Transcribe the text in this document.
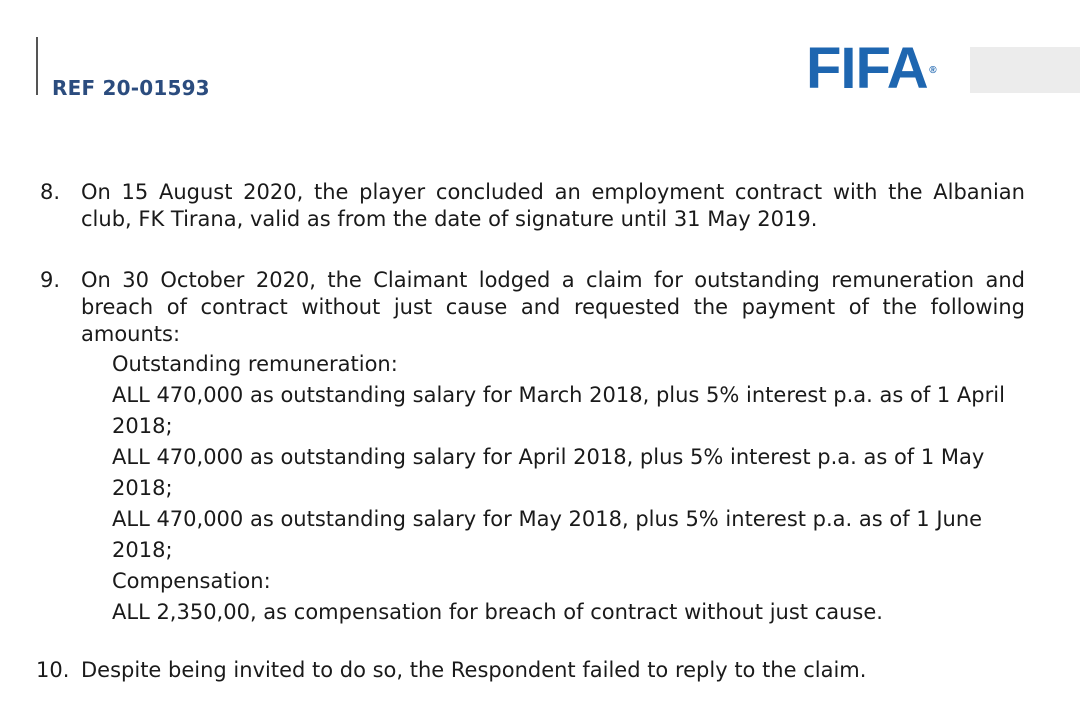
REF 20-01593	FIFA ®
8. On 15 August 2020, the player concluded an employment contract with the Albanian club, FK Tirana, valid as from the date of signature until 31 May 2019.
9. On 30 October 2020, the Claimant lodged a claim for outstanding remuneration and breach of contract without just cause and requested the payment of the following amounts:
Outstanding remuneration:
ALL 470,000 as outstanding salary for March 2018, plus 5% interest p.a. as of 1 April
2018;
ALL 470,000 as outstanding salary for April 2018, plus 5% interest p.a. as of 1 May
2018;
ALL 470,000 as outstanding salary for May 2018, plus 5% interest p.a. as of 1 June
2018;
Compensation:
ALL 2,350,00, as compensation for breach of contract without just cause.
10. Despite being invited to do so, the Respondent failed to reply to the claim.
